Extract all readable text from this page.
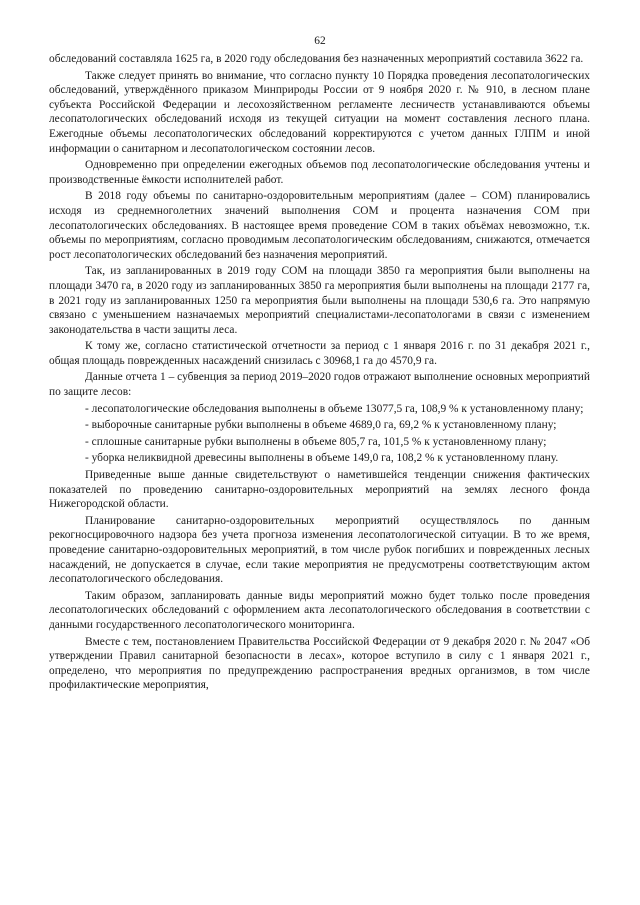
62

обследований составляла 1625 га, в 2020 году обследования без назначенных мероприятий составила 3622 га.

Также следует принять во внимание, что согласно пункту 10 Порядка проведения лесопатологических обследований, утверждённого приказом Минприроды России от 9 ноября 2020 г. № 910, в лесном плане субъекта Российской Федерации и лесохозяйственном регламенте лесничеств устанавливаются объемы лесопатологических обследований исходя из текущей ситуации на момент составления лесного плана. Ежегодные объемы лесопатологических обследований корректируются с учетом данных ГЛПМ и иной информации о санитарном и лесопатологическом состоянии лесов.

Одновременно при определении ежегодных объемов под лесопатологические обследования учтены и производственные ёмкости исполнителей работ.

В 2018 году объемы по санитарно-оздоровительным мероприятиям (далее – СОМ) планировались исходя из среднемноголетних значений выполнения СОМ и процента назначения СОМ при лесопатологических обследованиях. В настоящее время проведение СОМ в таких объёмах невозможно, т.к. объемы по мероприятиям, согласно проводимым лесопатологическим обследованиям, снижаются, отмечается рост лесопатологических обследований без назначения мероприятий.

Так, из запланированных в 2019 году СОМ на площади 3850 га мероприятия были выполнены на площади 3470 га, в 2020 году из запланированных 3850 га мероприятия были выполнены на площади 2177 га, в 2021 году из запланированных 1250 га мероприятия были выполнены на площади 530,6 га. Это напрямую связано с уменьшением назначаемых мероприятий специалистами-лесопатологами в связи с изменением законодательства в части защиты леса.

К тому же, согласно статистической отчетности за период с 1 января 2016 г. по 31 декабря 2021 г., общая площадь поврежденных насаждений снизилась с 30968,1 га до 4570,9 га.

Данные отчета 1 – субвенция за период 2019–2020 годов отражают выполнение основных мероприятий по защите лесов:

- лесопатологические обследования выполнены в объеме 13077,5 га, 108,9 % к установленному плану;

- выборочные санитарные рубки выполнены в объеме 4689,0 га, 69,2 % к установленному плану;

- сплошные санитарные рубки выполнены в объеме 805,7 га, 101,5 % к установленному плану;

- уборка неликвидной древесины выполнены в объеме 149,0 га, 108,2 % к установленному плану.

Приведенные выше данные свидетельствуют о наметившейся тенденции снижения фактических показателей по проведению санитарно-оздоровительных мероприятий на землях лесного фонда Нижегородской области.

Планирование санитарно-оздоровительных мероприятий осуществлялось по данным рекогносцировочного надзора без учета прогноза изменения лесопатологической ситуации. В то же время, проведение санитарно-оздоровительных мероприятий, в том числе рубок погибших и поврежденных лесных насаждений, не допускается в случае, если такие мероприятия не предусмотрены соответствующим актом лесопатологического обследования.

Таким образом, запланировать данные виды мероприятий можно будет только после проведения лесопатологических обследований с оформлением акта лесопатологического обследования в соответствии с данными государственного лесопатологического мониторинга.

Вместе с тем, постановлением Правительства Российской Федерации от 9 декабря 2020 г. № 2047 «Об утверждении Правил санитарной безопасности в лесах», которое вступило в силу с 1 января 2021 г., определено, что мероприятия по предупреждению распространения вредных организмов, в том числе профилактические мероприятия,
